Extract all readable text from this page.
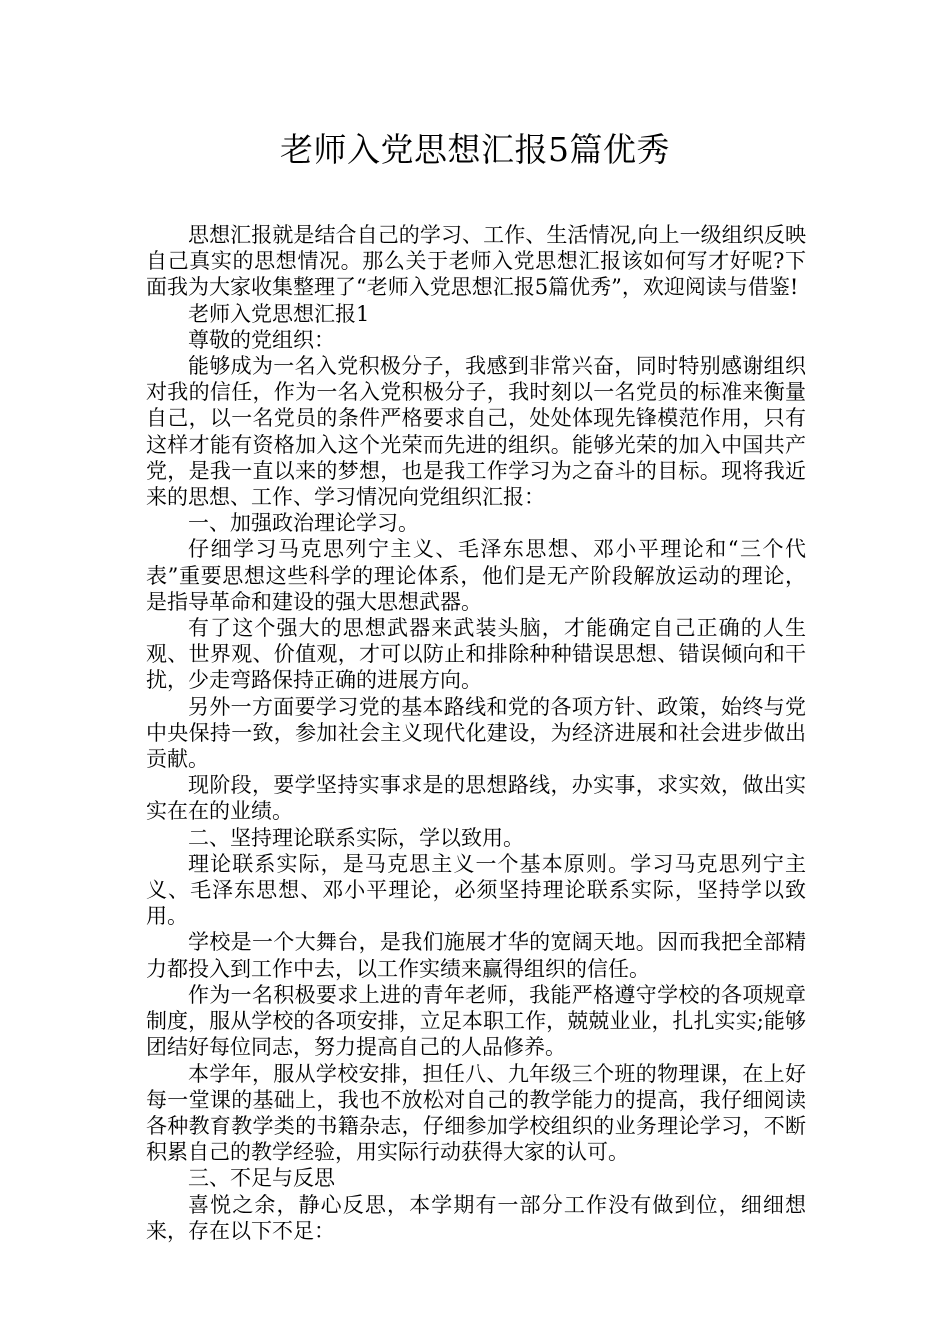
老师入党思想汇报5篇优秀

思想汇报就是结合自己的学习、工作、生活情况,向上一级组织反映自己真实的思想情况。那么关于老师入党思想汇报该如何写才好呢?下面我为大家收集整理了“老师入党思想汇报5篇优秀”，欢迎阅读与借鉴!

老师入党思想汇报1

尊敬的党组织：

能够成为一名入党积极分子，我感到非常兴奋，同时特别感谢组织对我的信任，作为一名入党积极分子，我时刻以一名党员的标准来衡量自己，以一名党员的条件严格要求自己，处处体现先锋模范作用，只有这样才能有资格加入这个光荣而先进的组织。能够光荣的加入中国共产党，是我一直以来的梦想，也是我工作学习为之奋斗的目标。现将我近来的思想、工作、学习情况向党组织汇报：

一、加强政治理论学习。

仔细学习马克思列宁主义、毛泽东思想、邓小平理论和“三个代表”重要思想这些科学的理论体系，他们是无产阶段解放运动的理论，是指导革命和建设的强大思想武器。

有了这个强大的思想武器来武装头脑，才能确定自己正确的人生观、世界观、价值观，才可以防止和排除种种错误思想、错误倾向和干扰，少走弯路保持正确的进展方向。

另外一方面要学习党的基本路线和党的各项方针、政策，始终与党中央保持一致，参加社会主义现代化建设，为经济进展和社会进步做出贡献。

现阶段，要学坚持实事求是的思想路线，办实事，求实效，做出实实在在的业绩。

二、坚持理论联系实际，学以致用。

理论联系实际，是马克思主义一个基本原则。学习马克思列宁主义、毛泽东思想、邓小平理论，必须坚持理论联系实际，坚持学以致用。

学校是一个大舞台，是我们施展才华的宽阔天地。因而我把全部精力都投入到工作中去，以工作实绩来赢得组织的信任。

作为一名积极要求上进的青年老师，我能严格遵守学校的各项规章制度，服从学校的各项安排，立足本职工作，兢兢业业，扎扎实实;能够团结好每位同志，努力提高自己的人品修养。

本学年，服从学校安排，担任八、九年级三个班的物理课，在上好每一堂课的基础上，我也不放松对自己的教学能力的提高，我仔细阅读各种教育教学类的书籍杂志，仔细参加学校组织的业务理论学习，不断积累自己的教学经验，用实际行动获得大家的认可。

三、不足与反思

喜悦之余，静心反思，本学期有一部分工作没有做到位，细细想来，存在以下不足：
